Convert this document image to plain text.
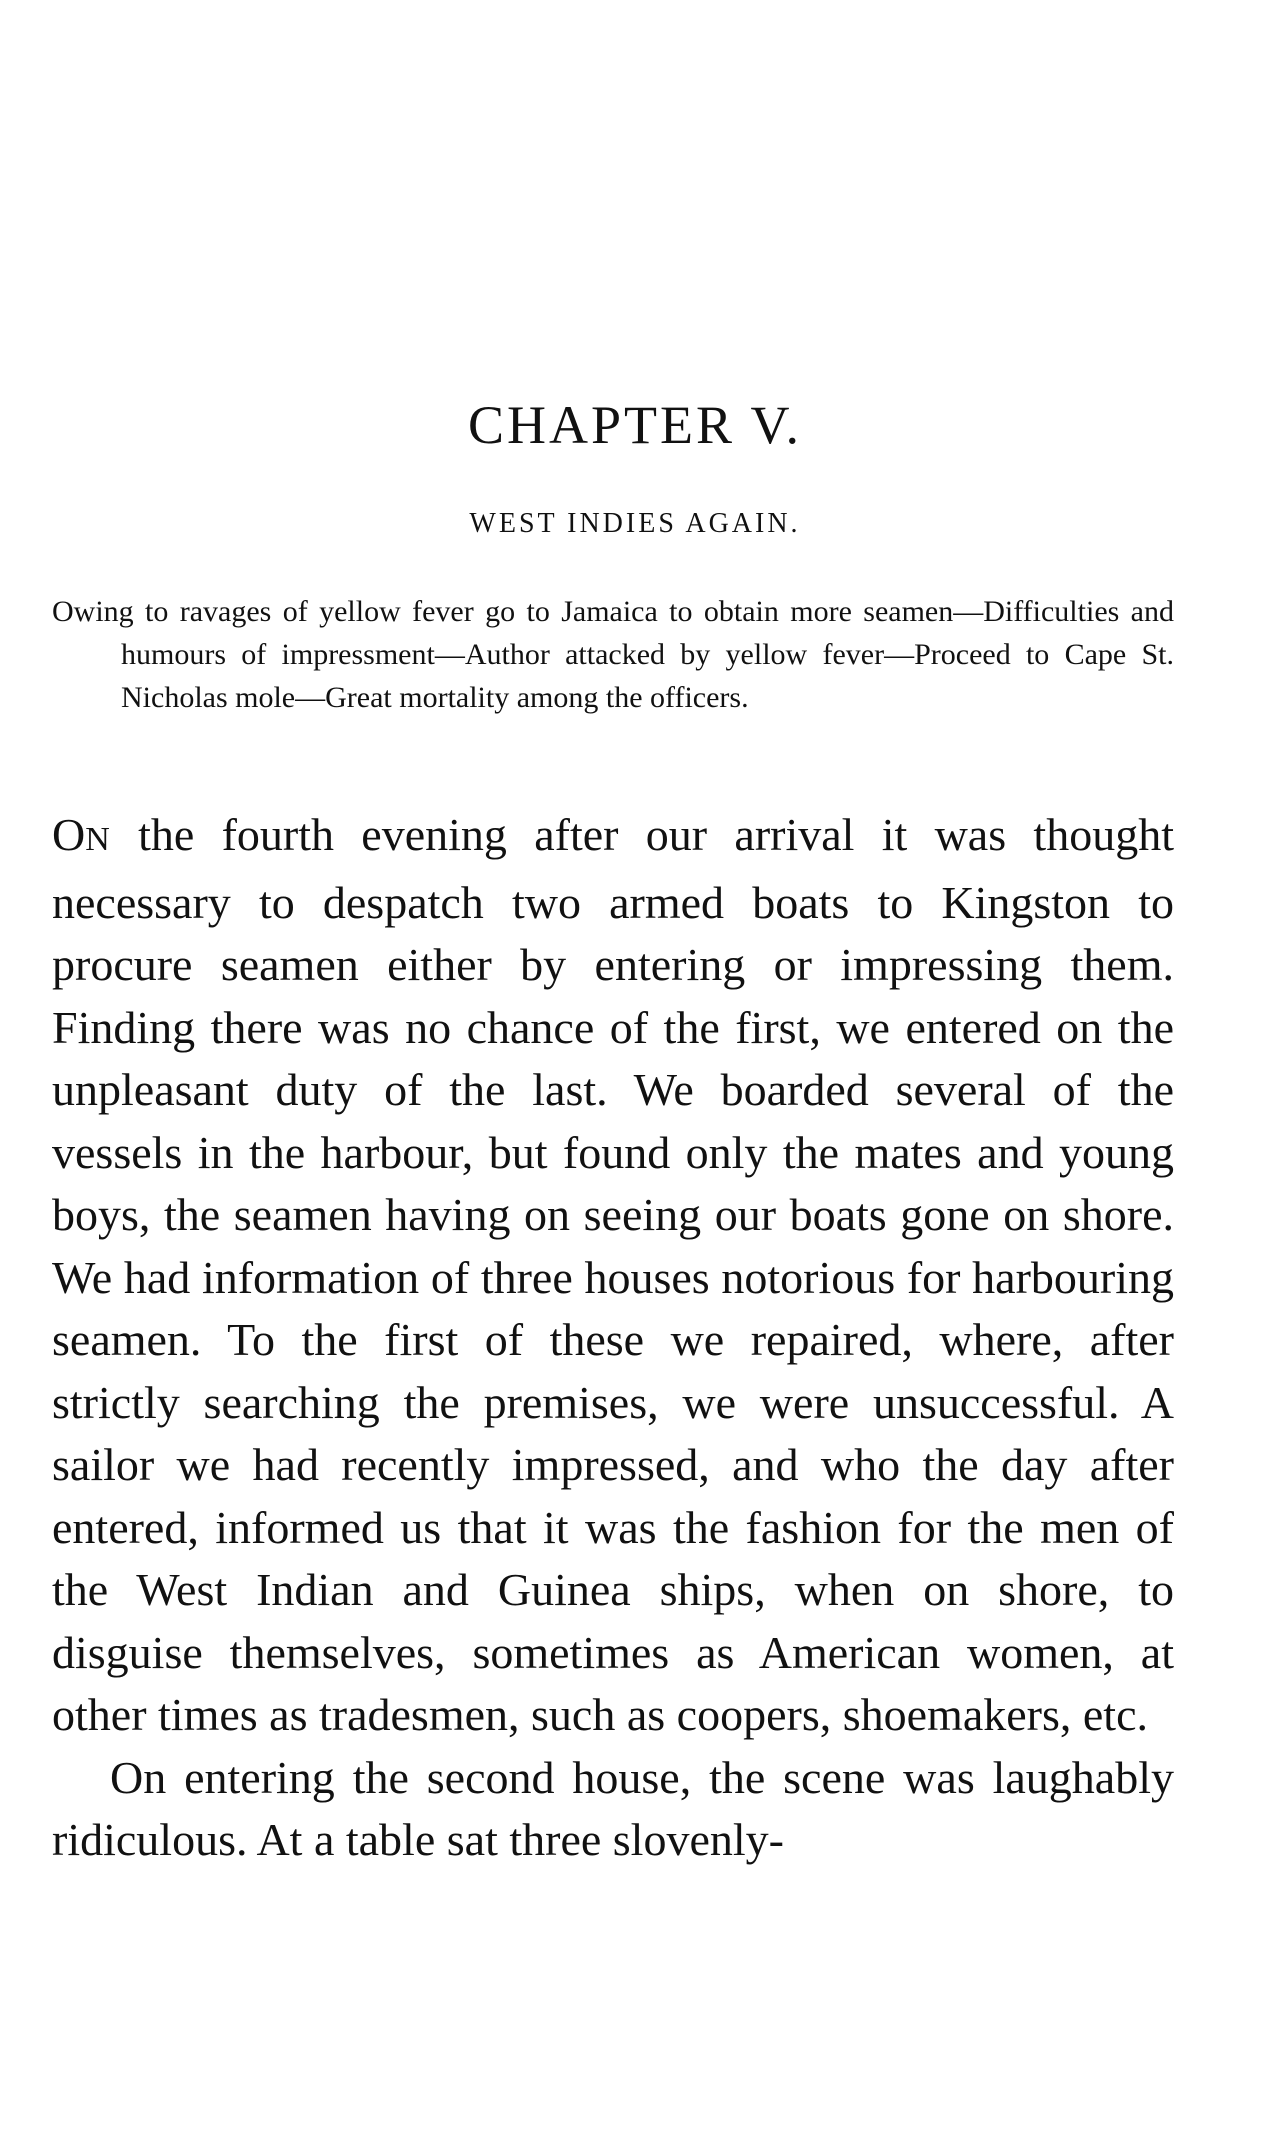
CHAPTER V.
WEST INDIES AGAIN.

Owing to ravages of yellow fever go to Jamaica to obtain more seamen—Difficulties and humours of impressment—Author attacked by yellow fever—Proceed to Cape St. Nicholas mole—Great mortality among the officers.

ON the fourth evening after our arrival it was thought necessary to despatch two armed boats to Kingston to procure seamen either by entering or impressing them. Finding there was no chance of the first, we entered on the unpleasant duty of the last. We boarded several of the vessels in the harbour, but found only the mates and young boys, the seamen having on seeing our boats gone on shore. We had information of three houses notorious for harbouring seamen. To the first of these we repaired, where, after strictly searching the premises, we were unsuccessful. A sailor we had recently impressed, and who the day after entered, informed us that it was the fashion for the men of the West Indian and Guinea ships, when on shore, to disguise themselves, sometimes as American women, at other times as tradesmen, such as coopers, shoemakers, etc.

On entering the second house, the scene was laughably ridiculous. At a table sat three slovenly-
